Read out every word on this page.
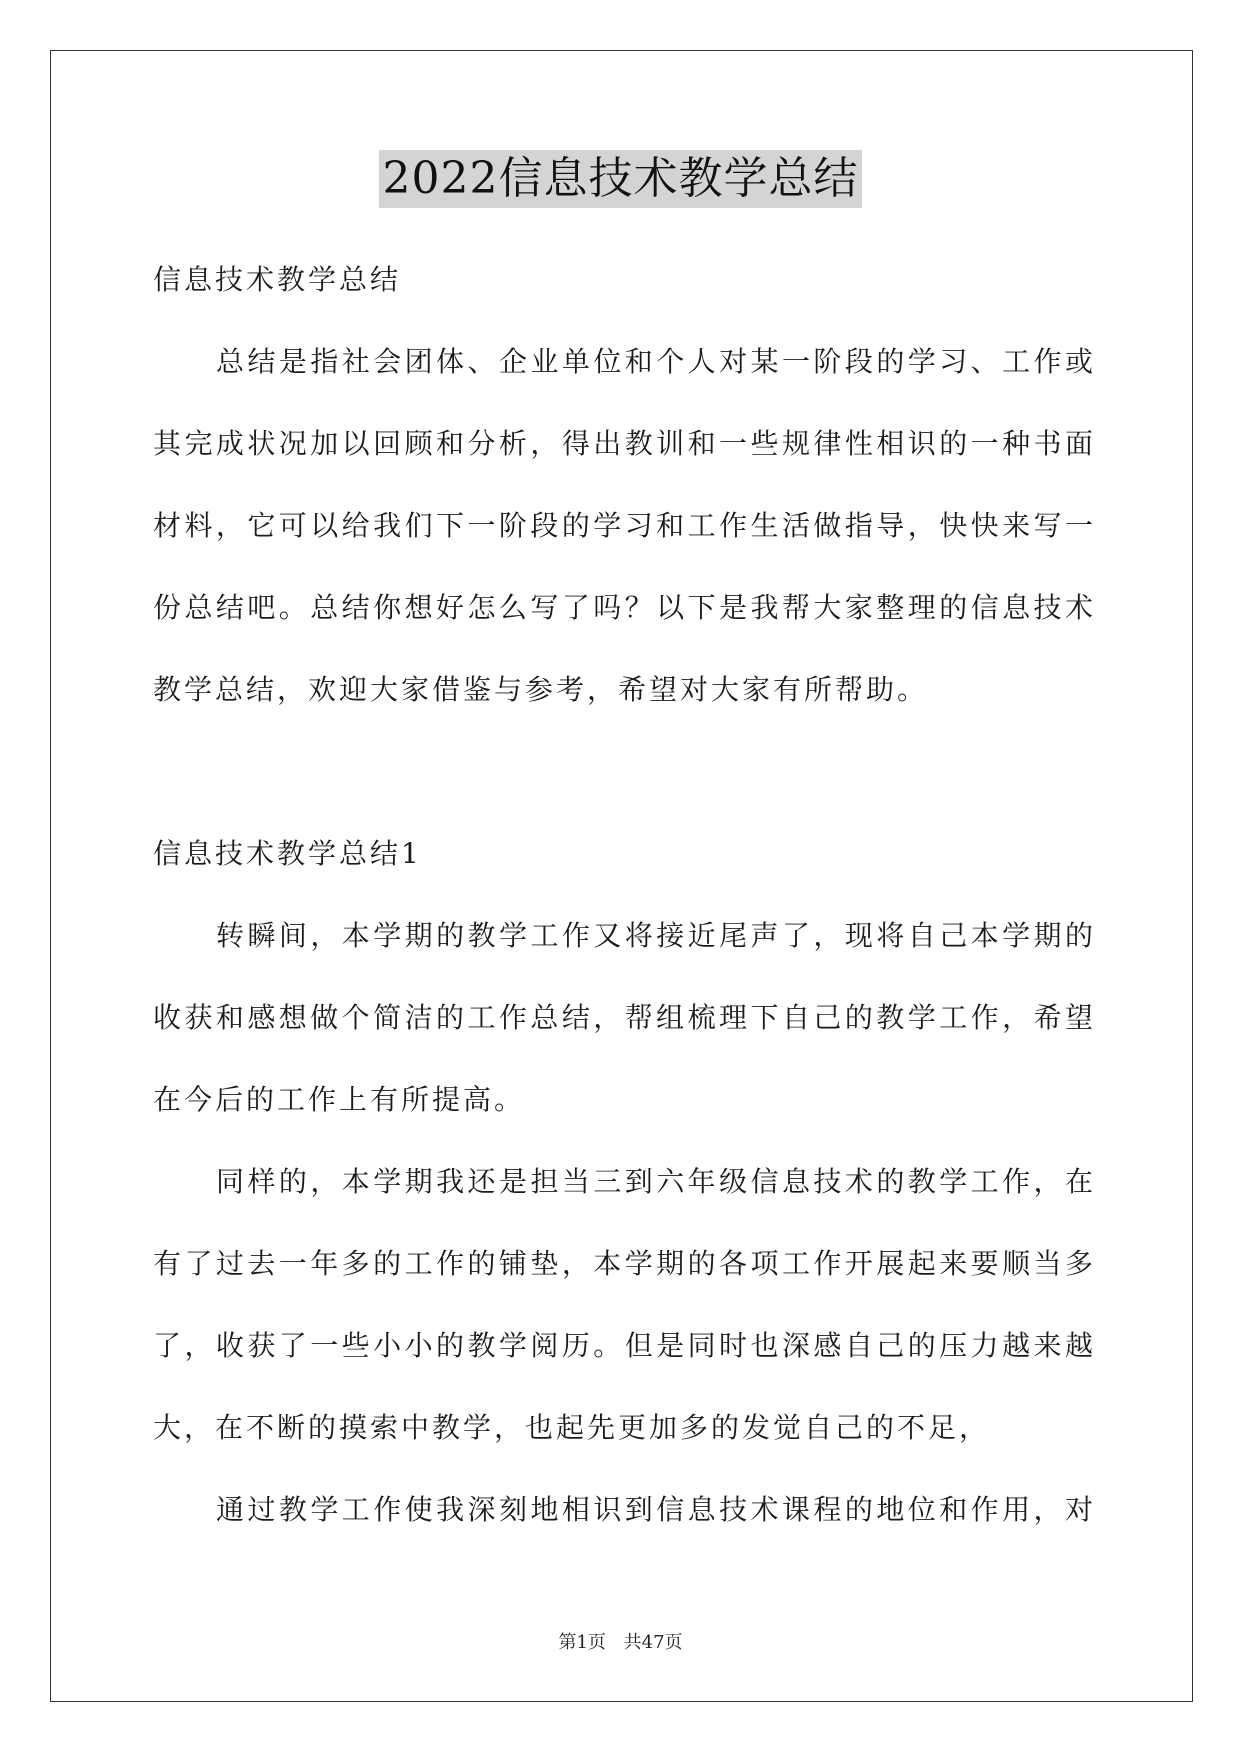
2022信息技术教学总结
信息技术教学总结
总结是指社会团体、企业单位和个人对某一阶段的学习、工作或
其完成状况加以回顾和分析，得出教训和一些规律性相识的一种书面
材料，它可以给我们下一阶段的学习和工作生活做指导，快快来写一
份总结吧。总结你想好怎么写了吗？以下是我帮大家整理的信息技术
教学总结，欢迎大家借鉴与参考，希望对大家有所帮助。
信息技术教学总结1
转瞬间，本学期的教学工作又将接近尾声了，现将自己本学期的
收获和感想做个简洁的工作总结，帮组梳理下自己的教学工作，希望
在今后的工作上有所提高。
同样的，本学期我还是担当三到六年级信息技术的教学工作，在
有了过去一年多的工作的铺垫，本学期的各项工作开展起来要顺当多
了，收获了一些小小的教学阅历。但是同时也深感自己的压力越来越
大，在不断的摸索中教学，也起先更加多的发觉自己的不足，
通过教学工作使我深刻地相识到信息技术课程的地位和作用，对
第1页 共47页
